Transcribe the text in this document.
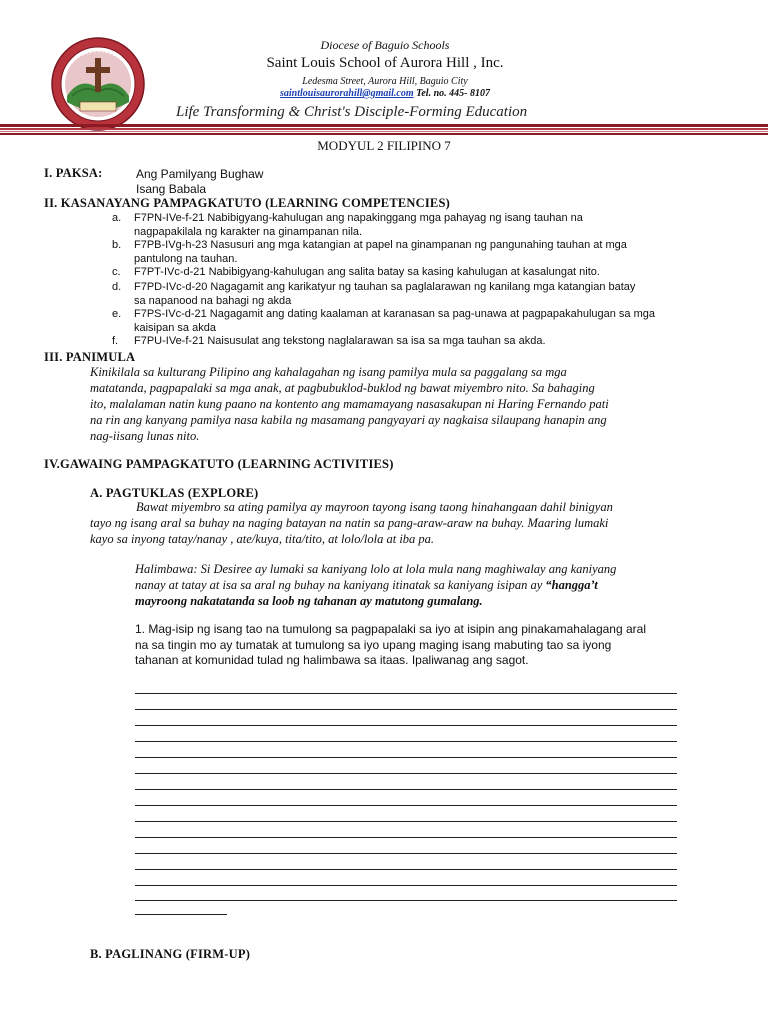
Diocese of Baguio Schools
Saint Louis School of Aurora Hill , Inc.
Ledesma Street, Aurora Hill, Baguio City
saintlouisaurorahill@gmail.com Tel. no. 445- 8107
Life Transforming & Christ's Disciple-Forming Education
MODYUL 2 FILIPINO 7
I. PAKSA:	Ang Pamilyang Bughaw
Isang Babala
II. KASANAYANG PAMPAGKATUTO (LEARNING COMPETENCIES)
a. F7PN-IVe-f-21 Nabibigyang-kahulugan ang napakinggang mga pahayag ng isang tauhan na
nagpapakilala ng karakter na ginampanan nila.
b. F7PB-IVg-h-23 Nasusuri ang mga katangian at papel na ginampanan ng pangunahing tauhan at mga
pantulong na tauhan.
c. F7PT-IVc-d-21 Nabibigyang-kahulugan ang salita batay sa kasing kahulugan at kasalungat nito.
d. F7PD-IVc-d-20 Nagagamit ang karikatyur ng tauhan sa paglalarawan ng kanilang mga katangian batay
sa napanood na bahagi ng akda
e. F7PS-IVc-d-21 Nagagamit ang dating kaalaman at karanasan sa pag-unawa at pagpapakahulugan sa mga
kaisipan sa akda
f. F7PU-IVe-f-21 Naisusulat ang tekstong naglalarawan sa isa sa mga tauhan sa akda.
III. PANIMULA
Kinikilala sa kulturang Pilipino ang kahalagahan ng isang pamilya mula sa paggalang sa mga
matatanda, pagpapalaki sa mga anak, at pagbubuklod-buklod ng bawat miyembro nito. Sa bahaging
ito, malalaman natin kung paano na kontento ang mamamayang nasasakupan ni Haring Fernando pati
na rin ang kanyang pamilya nasa kabila ng masamang pangyayari ay nagkaisa silaupang hanapin ang
nag-iisang lunas nito.
IV.GAWAING PAMPAGKATUTO (LEARNING ACTIVITIES)
A. PAGTUKLAS (EXPLORE)
Bawat miyembro sa ating pamilya ay mayroon tayong isang taong hinahangaan dahil binigyan
tayo ng isang aral sa buhay na naging batayan na natin sa pang-araw-araw na buhay. Maaring lumaki
kayo sa inyong tatay/nanay , ate/kuya, tita/tito, at lolo/lola at iba pa.
Halimbawa: Si Desiree ay lumaki sa kaniyang lolo at lola mula nang maghiwalay ang kaniyang
nanay at tatay at isa sa aral ng buhay na kaniyang itinatak sa kaniyang isipan ay “hangga’t
mayroong nakatatanda sa loob ng tahanan ay matutong gumalang.
1. Mag-isip ng isang tao na tumulong sa pagpapalaki sa iyo at isipin ang pinakamahalagang aral
na sa tingin mo ay tumatak at tumulong sa iyo upang maging isang mabuting tao sa iyong
tahanan at komunidad tulad ng halimbawa sa itaas. Ipaliwanag ang sagot.
B. PAGLINANG (FIRM-UP)
